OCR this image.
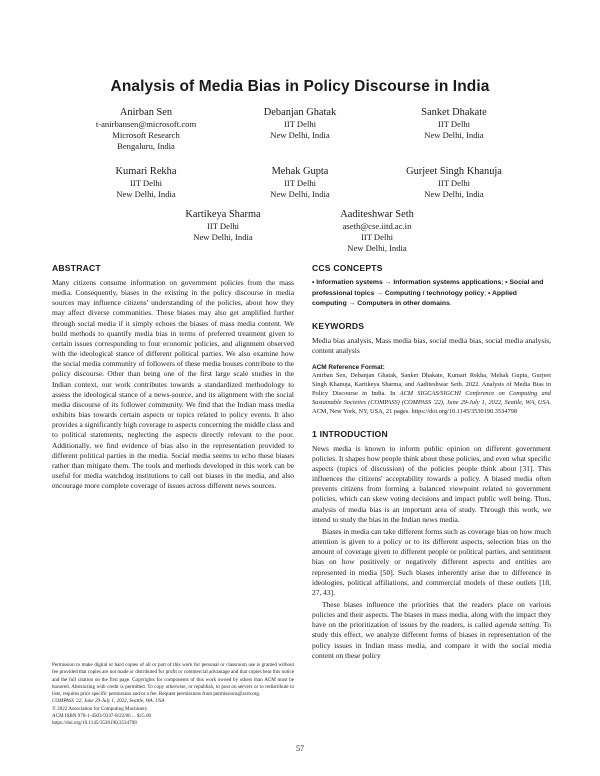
Analysis of Media Bias in Policy Discourse in India
Anirban Sen
t-anirbansen@microsoft.com
Microsoft Research
Bengaluru, India
Debanjan Ghatak
IIT Delhi
New Delhi, India
Sanket Dhakate
IIT Delhi
New Delhi, India
Kumari Rekha
IIT Delhi
New Delhi, India
Mehak Gupta
IIT Delhi
New Delhi, India
Gurjeet Singh Khanuja
IIT Delhi
New Delhi, India
Kartikeya Sharma
IIT Delhi
New Delhi, India
Aaditeshwar Seth
aseth@cse.iitd.ac.in
IIT Delhi
New Delhi, India
ABSTRACT

Many citizens consume information on government policies from the mass media. Consequently, biases in the existing in the policy discourse in media sources may influence citizens' understanding of the policies, about how they may affect diverse communities. These biases may also get amplified further through social media if it simply echoes the biases of mass media content. We build methods to quantify media bias in terms of preferred treatment given to certain issues corresponding to four economic policies, and alignment observed with the ideological stance of different political parties. We also examine how the social media community of followers of these media houses contribute to the policy discourse. Other than being one of the first large scale studies in the Indian context, our work contributes towards a standardized methodology to assess the ideological stance of a news-source, and its alignment with the social media discourse of its follower community. We find that the Indian mass media exhibits bias towards certain aspects or topics related to policy events. It also provides a significantly high coverage to aspects concerning the middle class and to political statements, neglecting the aspects directly relevant to the poor. Additionally, we find evidence of bias also in the representation provided to different political parties in the media. Social media seems to echo these biases rather than mitigate them. The tools and methods developed in this work can be useful for media watchdog institutions to call out biases in the media, and also encourage more complete coverage of issues across different news sources.

Permission to make digital or hard copies of all or part of this work for personal or classroom use is granted without fee provided that copies are not made or distributed for profit or commercial advantage and that copies bear this notice and the full citation on the first page. Copyrights for components of this work owned by others than ACM must be honored. Abstracting with credit is permitted. To copy otherwise, or republish, to post on servers or to redistribute to lists, requires prior specific permission and/or a fee. Request permissions from permissions@acm.org.
COMPASS '22, June 29-July 1, 2022, Seattle, WA, USA
© 2022 Association for Computing Machinery.
ACM ISBN 978-1-4503-9347-8/22/06 ... $15.00
https://doi.org/10.1145/3530190.3534798
CCS CONCEPTS

• Information systems → Information systems applications; • Social and professional topics → Computing / technology policy; • Applied computing → Computers in other domains.

KEYWORDS

Media bias analysis, Mass media bias, social media bias, social media analysis, content analysis

ACM Reference Format:

Anirban Sen, Debanjan Ghatak, Sanket Dhakate, Kumari Rekha, Mehak Gupta, Gurjeet Singh Khanuja, Kartikeya Sharma, and Aaditeshwar Seth. 2022. Analysis of Media Bias in Policy Discourse in India. In ACM SIGCAS/SIGCHI Conference on Computing and Sustainable Societies (COMPASS) (COMPASS '22), June 29-July 1, 2022, Seattle, WA, USA. ACM, New York, NY, USA, 21 pages. https://doi.org/10.1145/3530190.3534798

1 INTRODUCTION

News media is known to inform public opinion on different government policies. It shapes how people think about these policies, and even what specific aspects (topics of discussion) of the policies people think about [31]. This influences the citizens' acceptability towards a policy. A biased media often prevents citizens from forming a balanced viewpoint related to government policies, which can skew voting decisions and impact public well being. Thus, analysis of media bias is an important area of study. Through this work, we intend to study the bias in the Indian news media.

Biases in media can take different forms such as coverage bias on how much attention is given to a policy or to its different aspects, selection bias on the amount of coverage given to different people or political parties, and sentiment bias on how positively or negatively different aspects and entities are represented in media [50]. Such biases inherently arise due to difference in ideologies, political affiliations, and commercial models of these outlets [18, 27, 43].

These biases influence the priorities that the readers place on various policies and their aspects. The biases in mass media, along with the impact they have on the prioritization of issues by the readers, is called agenda setting. To study this effect, we analyze different forms of biases in representation of the policy issues in Indian mass media, and compare it with the social media content on these policy

57
